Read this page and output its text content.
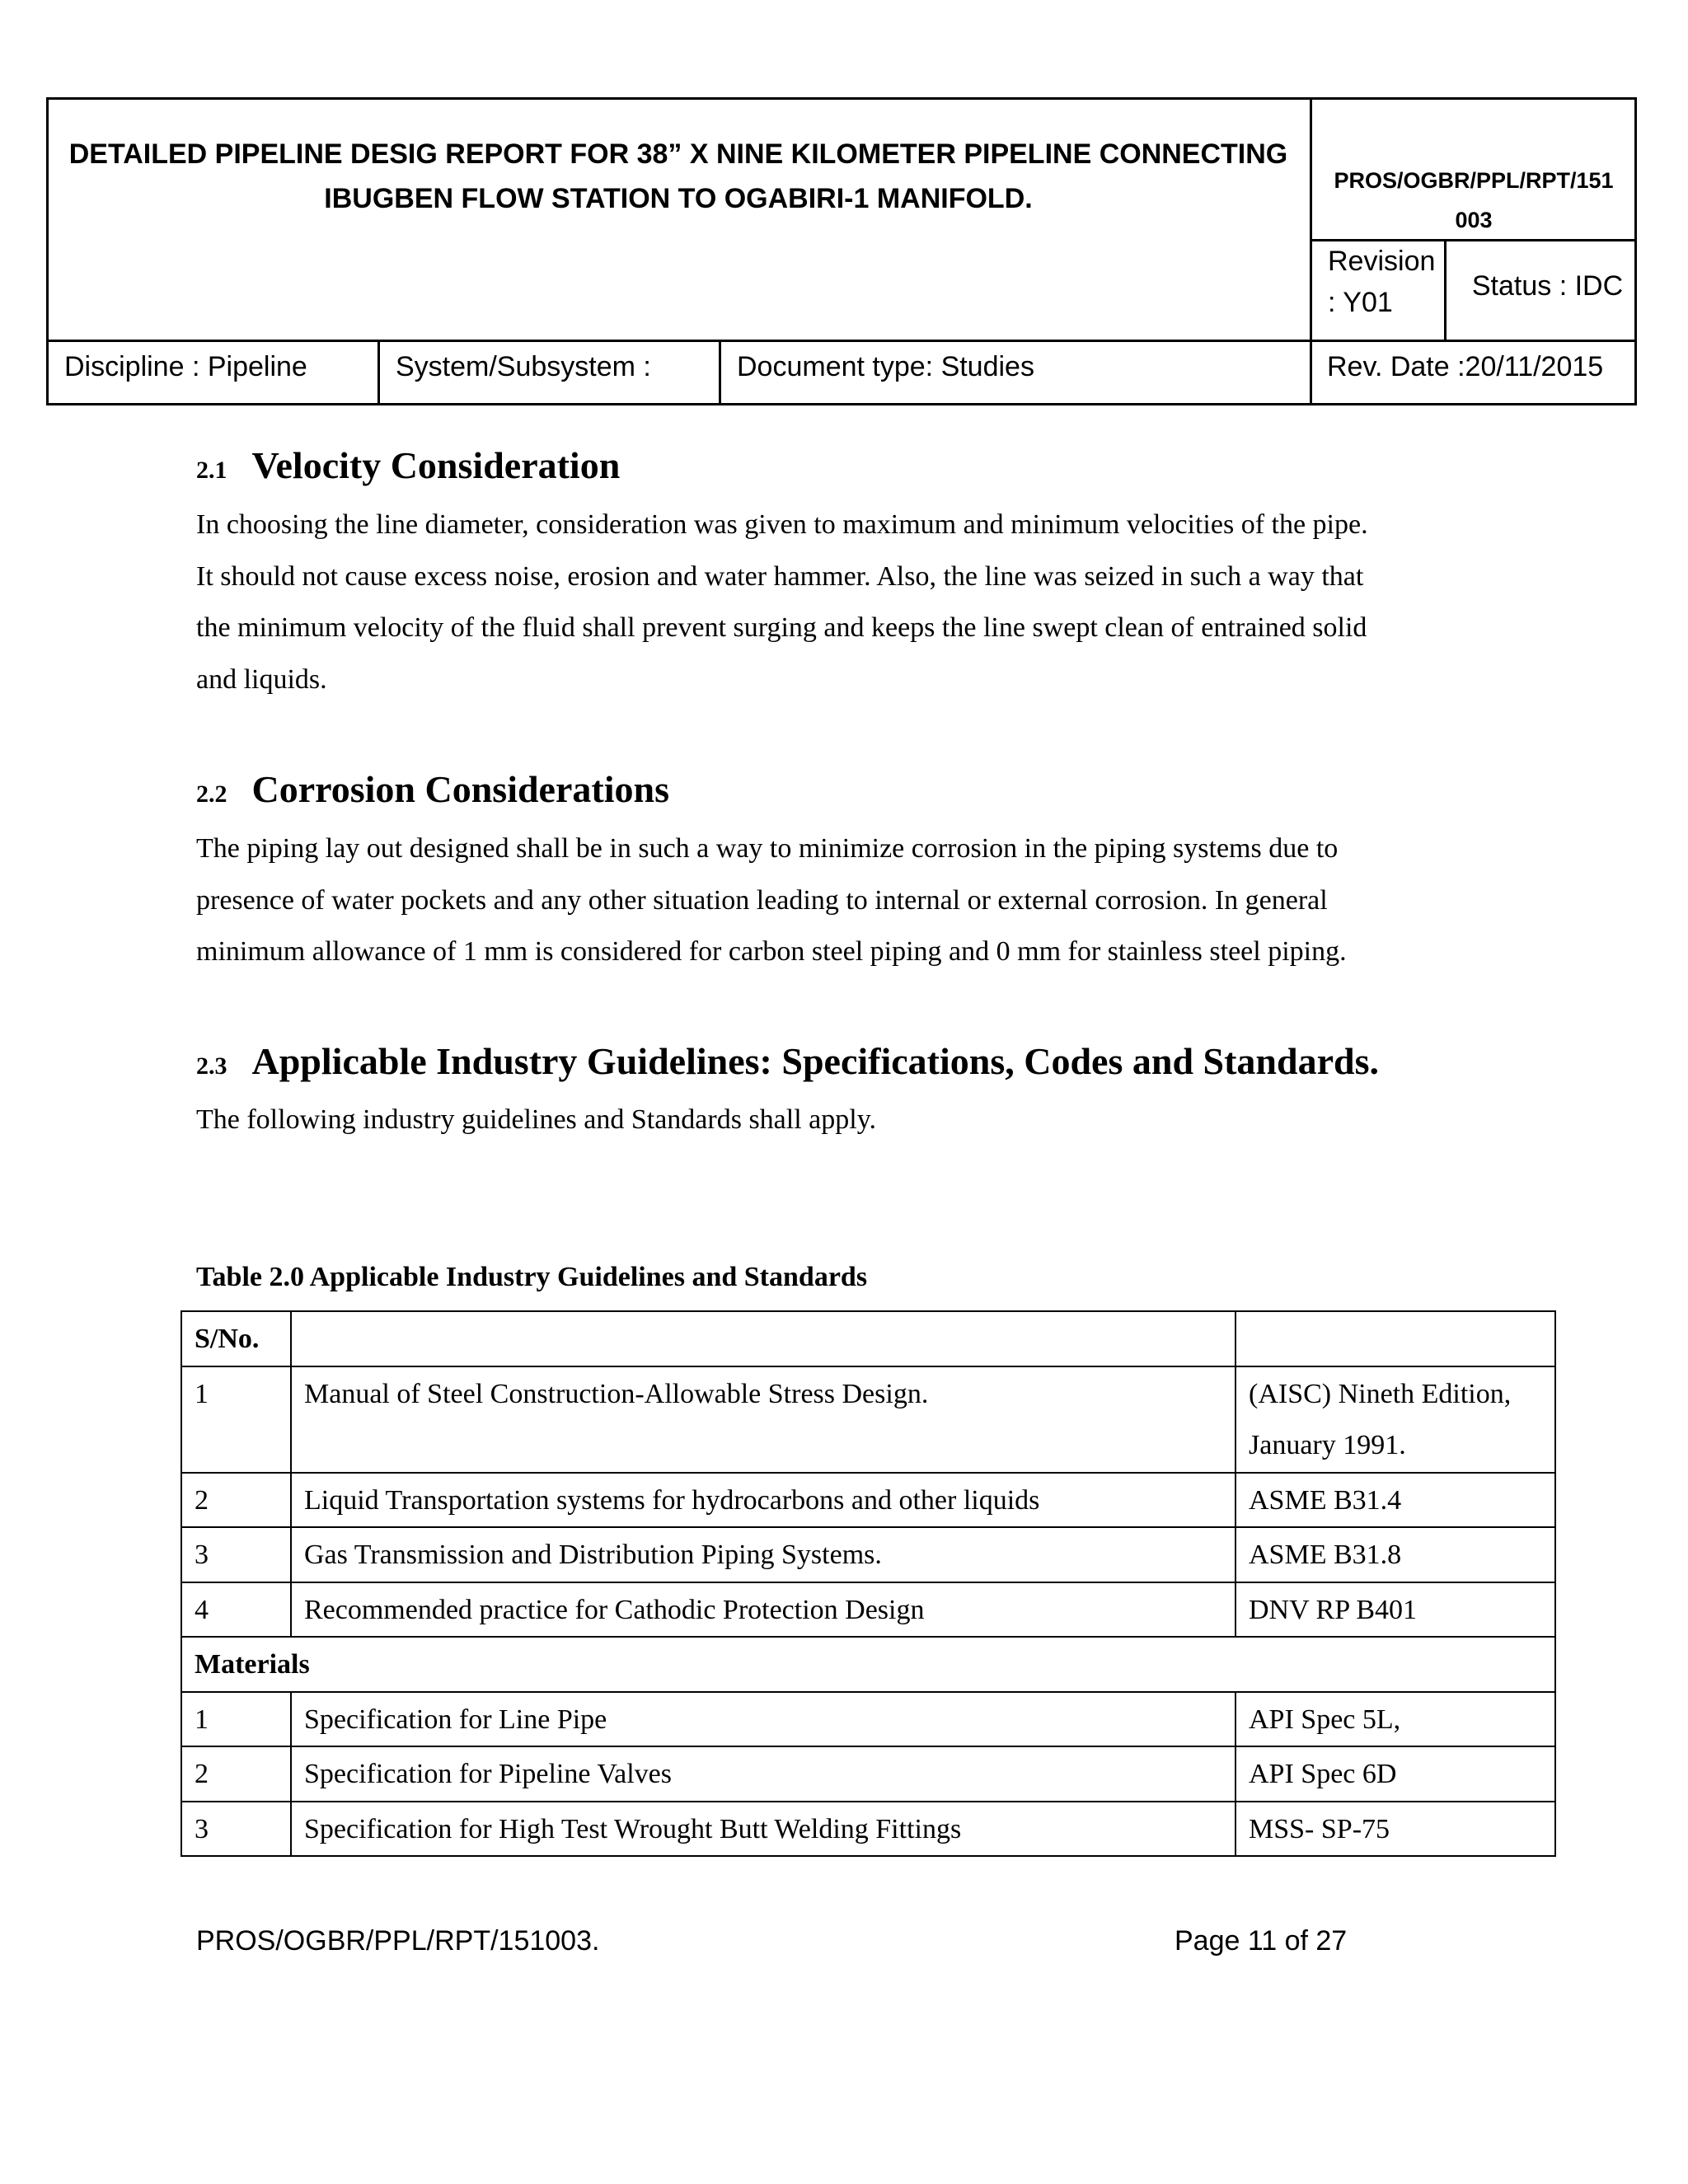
DETAILED PIPELINE DESIG REPORT FOR 38” X NINE KILOMETER PIPELINE CONNECTING
IBUGBEN FLOW STATION TO OGABIRI-1 MANIFOLD.
PROS/OGBR/PPL/RPT/151
003
Revision
: Y01
Status : IDC
Discipline : Pipeline	System/Subsystem :	Document type: Studies	Rev. Date :20/11/2015
2.1 Velocity Consideration
In choosing the line diameter, consideration was given to maximum and minimum velocities of the pipe.
It should not cause excess noise, erosion and water hammer. Also, the line was seized in such a way that
the minimum velocity of the fluid shall prevent surging and keeps the line swept clean of entrained solid
and liquids.
2.2 Corrosion Considerations
The piping lay out designed shall be in such a way to minimize corrosion in the piping systems due to
presence of water pockets and any other situation leading to internal or external corrosion. In general
minimum allowance of 1 mm is considered for carbon steel piping and 0 mm for stainless steel piping.
2.3 Applicable Industry Guidelines: Specifications, Codes and Standards.
The following industry guidelines and Standards shall apply.
Table 2.0 Applicable Industry Guidelines and Standards
S/No.		
1	Manual of Steel Construction-Allowable Stress Design.	(AISC) Nineth Edition,
January 1991.

2	Liquid Transportation systems for hydrocarbons and other liquids	ASME B31.4
3	Gas Transmission and Distribution Piping Systems.	ASME B31.8
4	Recommended practice for Cathodic Protection Design	DNV RP B401
Materials		
1	Specification for Line Pipe	API Spec 5L,
2	Specification for Pipeline Valves	API Spec 6D
3	Specification for High Test Wrought Butt Welding Fittings	MSS- SP-75
PROS/OGBR/PPL/RPT/151003.	Page 11 of 27
